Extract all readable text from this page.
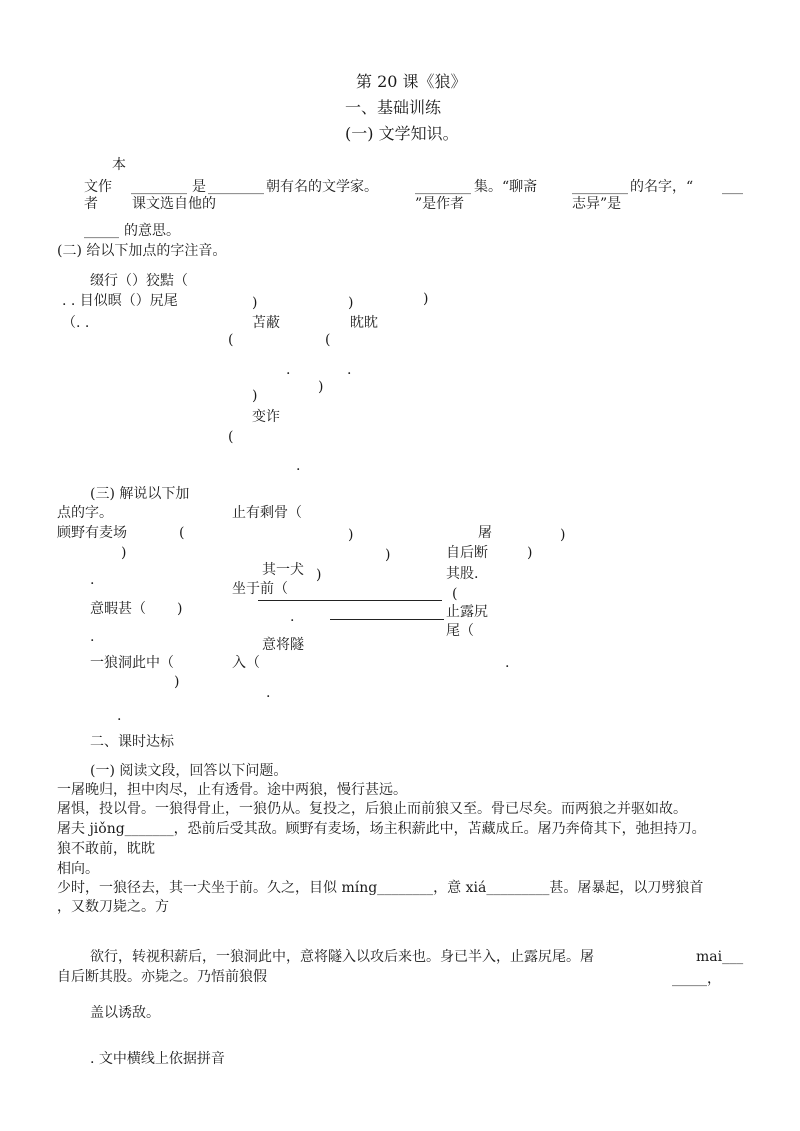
第 20 课《狼》
一、基础训练
(一) 文学知识。
本
文作
者
________ 是 ________ 朝有名的文学家。
课文选自他的
________ 集。“聊斋
”是作者
________ 的名字，“
志异”是
___
_____ 的意思。
(二) 给以下加点的字注音。
缀行（）狡黠（
. . 目似暝（）尻尾
（. .
)	)	)
苫蔽	眈眈
(	(
.	.
)
)
变诈
(
.
(三) 解说以下加
点的字。	止有剩骨（
顾野有麦场	(	)	屠	)
)	)	自后断	)
其一犬 )
.	其股.
坐于前（	(
意暇甚（ )	.	止露尻
.	尾（
意将隧
一狼洞此中（	入（	.
)
.
.
二、课时达标
(一) 阅读文段，回答以下问题。
一屠晚归，担中肉尽，止有透骨。途中两狼，慢行甚远。
屠惧，投以骨。一狼得骨止，一狼仍从。复投之，后狼止而前狼又至。骨已尽矣。而两狼之并驱如故。
屠夫 jiǒng_______，恐前后受其敌。顾野有麦场，场主积薪此中，苫藏成丘。屠乃奔倚其下，弛担持刀。
狼不敢前，眈眈
相向。
少时，一狼径去，其一犬坐于前。久之，目似 míng________，意 xiá_________甚。屠暴起，以刀劈狼首
，又数刀毙之。方
欲行，转视积薪后，一狼洞此中，意将隧入以攻后来也。身已半入，止露尻尾。屠	mai___
自后断其股。亦毙之。乃悟前狼假	_____，
盖以诱敌。
. 文中横线上依据拼音
